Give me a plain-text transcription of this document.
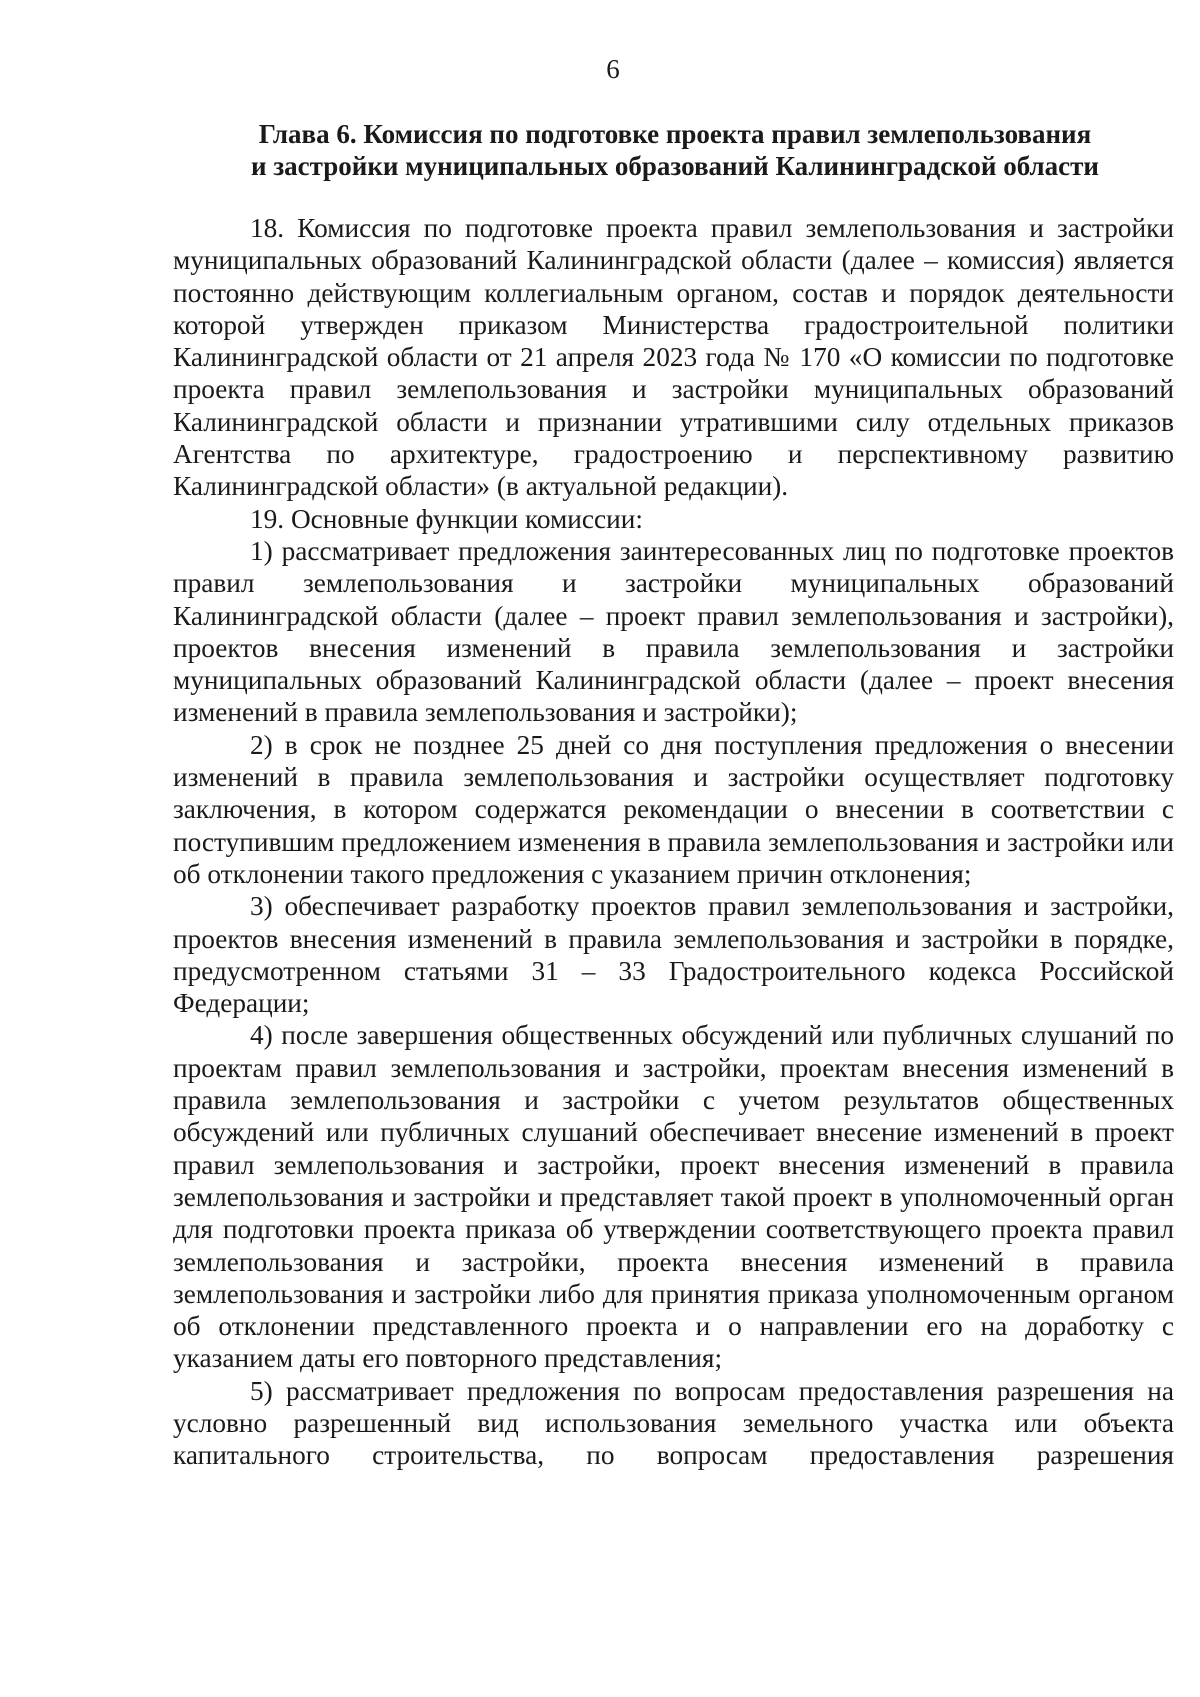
6
Глава 6. Комиссия по подготовке проекта правил землепользования
и застройки муниципальных образований Калининградской области

18. Комиссия по подготовке проекта правил землепользования и застройки муниципальных образований Калининградской области (далее – комиссия) является постоянно действующим коллегиальным органом, состав и порядок деятельности которой утвержден приказом Министерства градостроительной политики Калининградской области от 21 апреля 2023 года № 170 «О комиссии по подготовке проекта правил землепользования и застройки муниципальных образований Калининградской области и признании утратившими силу отдельных приказов Агентства по архитектуре, градостроению и перспективному развитию Калининградской области» (в актуальной редакции).

19. Основные функции комиссии:

1) рассматривает предложения заинтересованных лиц по подготовке проектов правил землепользования и застройки муниципальных образований Калининградской области (далее – проект правил землепользования и застройки), проектов внесения изменений в правила землепользования и застройки муниципальных образований Калининградской области (далее – проект внесения изменений в правила землепользования и застройки);

2) в срок не позднее 25 дней со дня поступления предложения о внесении изменений в правила землепользования и застройки осуществляет подготовку заключения, в котором содержатся рекомендации о внесении в соответствии с поступившим предложением изменения в правила землепользования и застройки или об отклонении такого предложения с указанием причин отклонения;

3) обеспечивает разработку проектов правил землепользования и застройки, проектов внесения изменений в правила землепользования и застройки в порядке, предусмотренном статьями 31 – 33 Градостроительного кодекса Российской Федерации;

4) после завершения общественных обсуждений или публичных слушаний по проектам правил землепользования и застройки, проектам внесения изменений в правила землепользования и застройки с учетом результатов общественных обсуждений или публичных слушаний обеспечивает внесение изменений в проект правил землепользования и застройки, проект внесения изменений в правила землепользования и застройки и представляет такой проект в уполномоченный орган для подготовки проекта приказа об утверждении соответствующего проекта правил землепользования и застройки, проекта внесения изменений в правила землепользования и застройки либо для принятия приказа уполномоченным органом об отклонении представленного проекта и о направлении его на доработку с указанием даты его повторного представления;

5) рассматривает предложения по вопросам предоставления разрешения на условно разрешенный вид использования земельного участка или объекта капитального строительства, по вопросам предоставления разрешения
